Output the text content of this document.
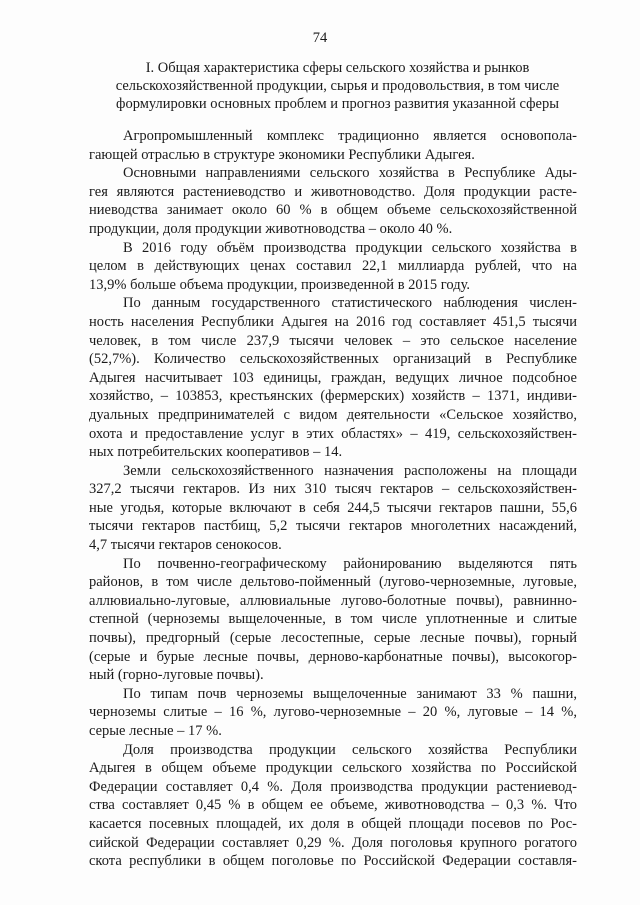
74
I. Общая характеристика сферы сельского хозяйства и рынков
сельскохозяйственной продукции, сырья и продовольствия, в том числе
формулировки основных проблем и прогноз развития указанной сферы
Агропромышленный комплекс традиционно является основопола-
гающей отраслью в структуре экономики Республики Адыгея.
Основными направлениями сельского хозяйства в Республике Ады-
гея являются растениеводство и животноводство. Доля продукции расте-
ниеводства занимает около 60 % в общем объеме сельскохозяйственной
продукции, доля продукции животноводства – около 40 %.
В 2016 году объём производства продукции сельского хозяйства в
целом в действующих ценах составил 22,1 миллиарда рублей, что на
13,9% больше объема продукции, произведенной в 2015 году.
По данным государственного статистического наблюдения числен-
ность населения Республики Адыгея на 2016 год составляет 451,5 тысячи
человек, в том числе 237,9 тысячи человек – это сельское население
(52,7%). Количество сельскохозяйственных организаций в Республике
Адыгея насчитывает 103 единицы, граждан, ведущих личное подсобное
хозяйство, – 103853, крестьянских (фермерских) хозяйств – 1371, индиви-
дуальных предпринимателей с видом деятельности «Сельское хозяйство,
охота и предоставление услуг в этих областях» – 419, сельскохозяйствен-
ных потребительских кооперативов – 14.
Земли сельскохозяйственного назначения расположены на площади
327,2 тысячи гектаров. Из них 310 тысяч гектаров – сельскохозяйствен-
ные угодья, которые включают в себя 244,5 тысячи гектаров пашни, 55,6
тысячи гектаров пастбищ, 5,2 тысячи гектаров многолетних насаждений,
4,7 тысячи гектаров сенокосов.
По почвенно-географическому районированию выделяются пять
районов, в том числе дельтово-пойменный (лугово-черноземные, луговые,
аллювиально-луговые, аллювиальные лугово-болотные почвы), равнинно-
степной (черноземы выщелоченные, в том числе уплотненные и слитые
почвы), предгорный (серые лесостепные, серые лесные почвы), горный
(серые и бурые лесные почвы, дерново-карбонатные почвы), высокогор-
ный (горно-луговые почвы).
По типам почв черноземы выщелоченные занимают 33 % пашни,
черноземы слитые – 16 %, лугово-черноземные – 20 %, луговые – 14 %,
серые лесные – 17 %.
Доля производства продукции сельского хозяйства Республики
Адыгея в общем объеме продукции сельского хозяйства по Российской
Федерации составляет 0,4 %. Доля производства продукции растениевод-
ства составляет 0,45 % в общем ее объеме, животноводства – 0,3 %. Что
касается посевных площадей, их доля в общей площади посевов по Рос-
сийской Федерации составляет 0,29 %. Доля поголовья крупного рогатого
скота республики в общем поголовье по Российской Федерации составля-
